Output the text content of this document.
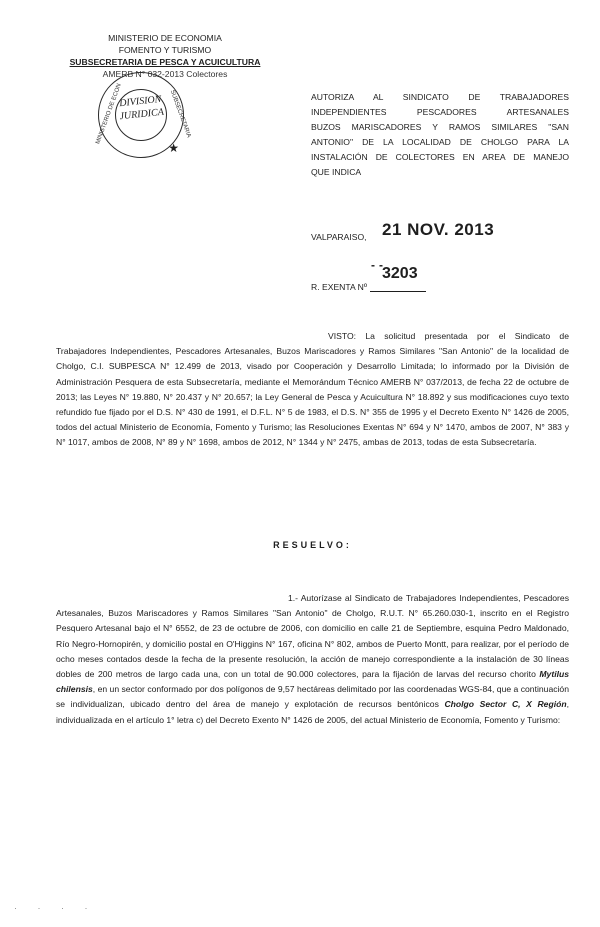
MINISTERIO DE ECONOMIA
FOMENTO Y TURISMO
SUBSECRETARIA DE PESCA Y ACUICULTURA
AMERB N° 032-2013 Colectores
MINISTERIO DE ECON	SUBSECRETARIA
DIVISION
JURIDICA
★
AUTORIZA AL SINDICATO DE TRABAJADORES
INDEPENDIENTES PESCADORES ARTESANALES
BUZOS MARISCADORES Y RAMOS SIMILARES "SAN
ANTONIO" DE LA LOCALIDAD DE CHOLGO PARA LA
INSTALACIÓN DE COLECTORES EN AREA DE MANEJO
QUE INDICA
VALPARAISO, 21 NOV. 2013
--
3203
R. EXENTA Nº
VISTO: La solicitud presentada por el Sindicato de Trabajadores Independientes, Pescadores Artesanales, Buzos Mariscadores y Ramos Similares "San Antonio" de la localidad de Cholgo, C.I. SUBPESCA N° 12.499 de 2013, visado por Cooperación y Desarrollo Limitada; lo informado por la División de Administración Pesquera de esta Subsecretaría, mediante el Memorándum Técnico AMERB N° 037/2013, de fecha 22 de octubre de 2013; las Leyes N° 19.880, N° 20.437 y N° 20.657; la Ley General de Pesca y Acuicultura N° 18.892 y sus modificaciones cuyo texto refundido fue fijado por el D.S. N° 430 de 1991, el D.F.L. N° 5 de 1983, el D.S. N° 355 de 1995 y el Decreto Exento N° 1426 de 2005, todos del actual Ministerio de Economía, Fomento y Turismo; las Resoluciones Exentas N° 694 y N° 1470, ambos de 2007, N° 383 y N° 1017, ambos de 2008, N° 89 y N° 1698, ambos de 2012, N° 1344 y N° 2475, ambas de 2013, todas de esta Subsecretaría.
RESUELVO:
1.- Autorízase al Sindicato de Trabajadores Independientes, Pescadores Artesanales, Buzos Mariscadores y Ramos Similares "San Antonio" de Cholgo, R.U.T. N° 65.260.030-1, inscrito en el Registro Pesquero Artesanal bajo el N° 6552, de 23 de octubre de 2006, con domicilio en calle 21 de Septiembre, esquina Pedro Maldonado, Río Negro-Hornopirén, y domicilio postal en O'Higgins N° 167, oficina N° 802, ambos de Puerto Montt, para realizar, por el período de ocho meses contados desde la fecha de la presente resolución, la acción de manejo correspondiente a la instalación de 30 líneas dobles de 200 metros de largo cada una, con un total de 90.000 colectores, para la fijación de larvas del recurso chorito Mytilus chilensis, en un sector conformado por dos polígonos de 9,57 hectáreas delimitado por las coordenadas WGS-84, que a continuación se individualizan, ubicado dentro del área de manejo y explotación de recursos bentónicos Cholgo Sector C, X Región, individualizada en el artículo 1° letra c) del Decreto Exento N° 1426 de 2005, del actual Ministerio de Economía, Fomento y Turismo:
· · · ·
